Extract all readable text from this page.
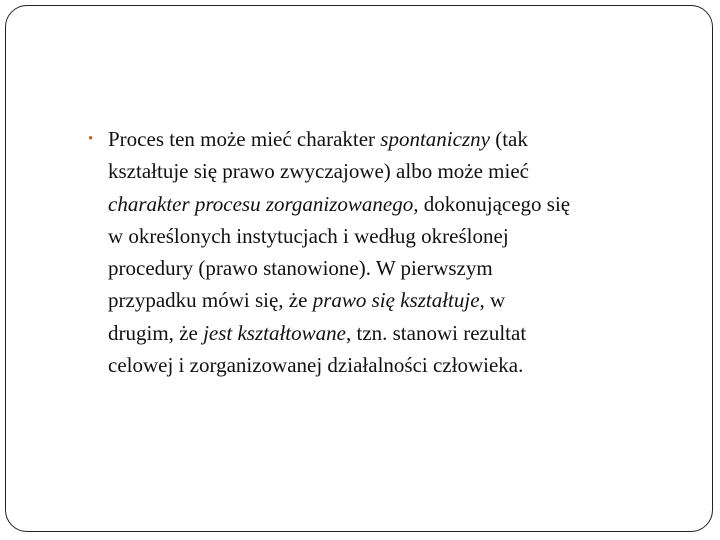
• Proces ten może mieć charakter spontaniczny (tak
kształtuje się prawo zwyczajowe) albo może mieć
charakter procesu zorganizowanego, dokonującego się
w określonych instytucjach i według określonej
procedury (prawo stanowione). W pierwszym
przypadku mówi się, że prawo się kształtuje, w
drugim, że jest kształtowane, tzn. stanowi rezultat
celowej i zorganizowanej działalności człowieka.
